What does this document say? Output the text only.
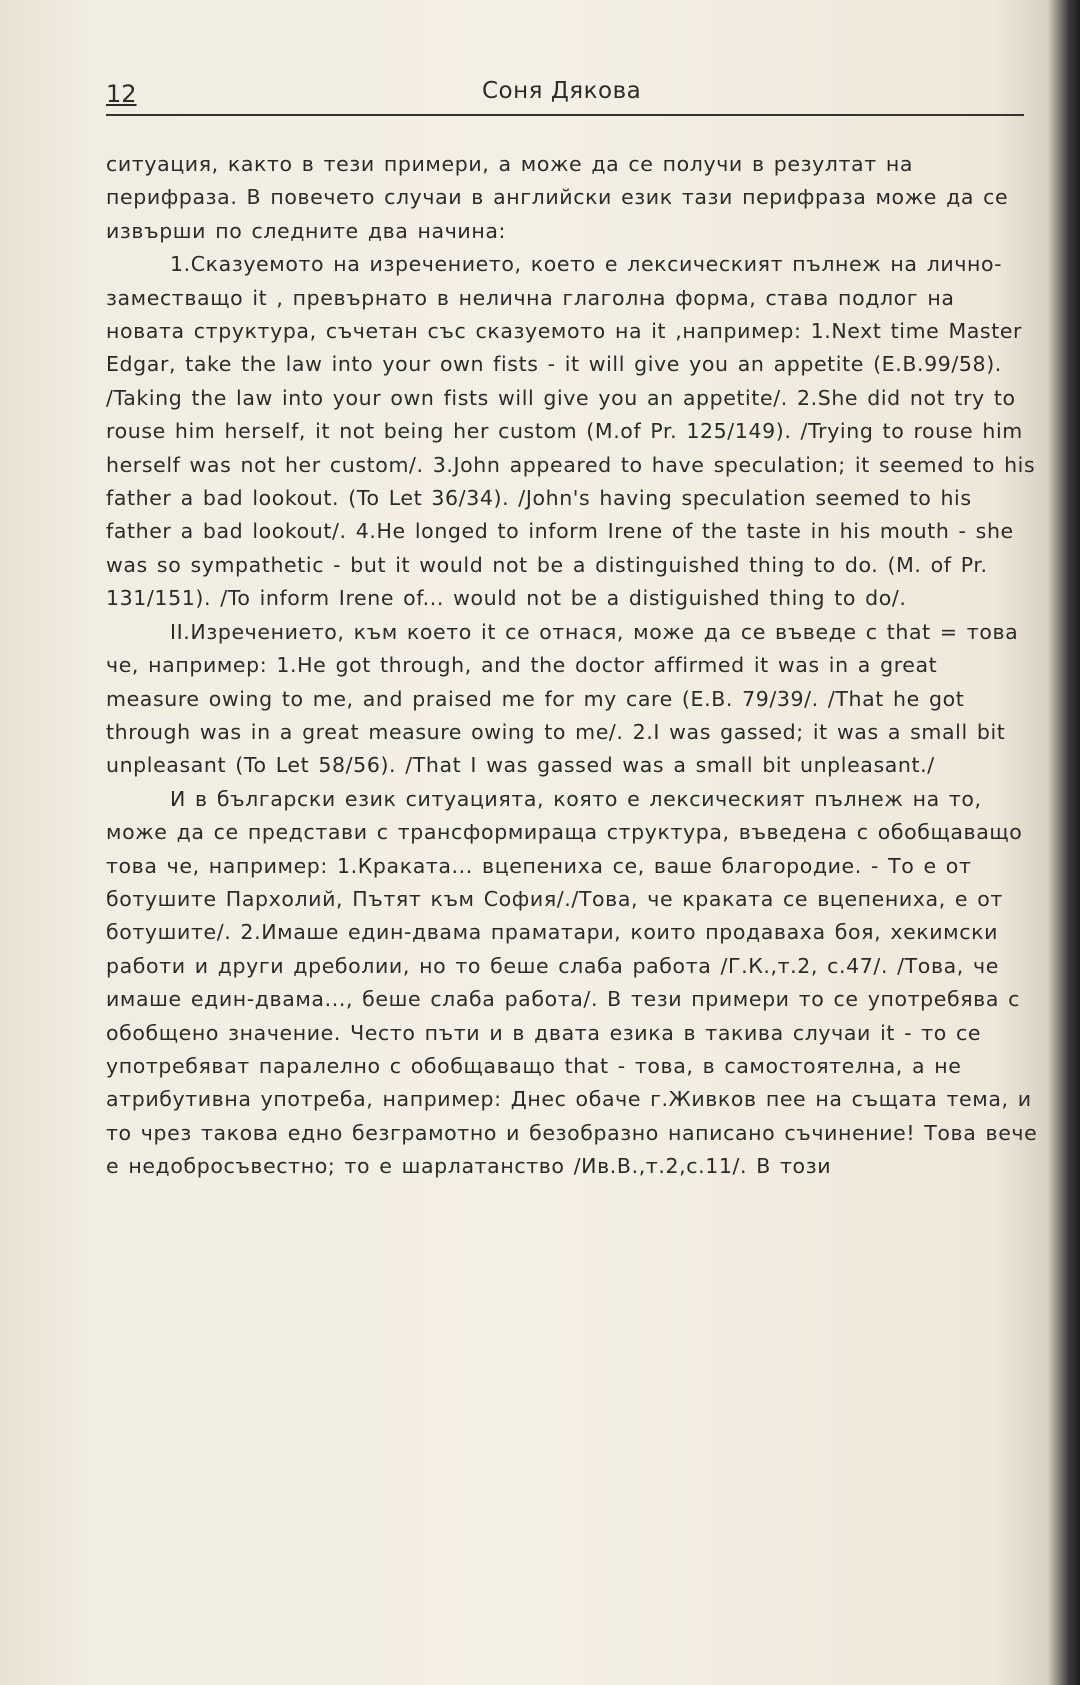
12	Соня Дякова

ситуация, както в тези примери, а може да се получи в резултат на перифраза. В повечето случаи в английски език тази перифраза може да се извърши по следните два начина:

1.Сказуемото на изречението, което е лексическият пълнеж на лично-заместващо it , превърнато в нелична глаголна форма, става подлог на новата структура, съчетан със сказуемото на it ,например: 1.Next time Master Edgar, take the law into your own fists - it will give you an appetite (E.B.99/58). /Taking the law into your own fists will give you an appetite/. 2.She did not try to rouse him herself, it not being her custom (M.of Pr. 125/149). /Trying to rouse him herself was not her custom/. 3.John appeared to have speculation; it seemed to his father a bad lookout. (To Let 36/34). /John's having speculation seemed to his father a bad lookout/. 4.He longed to inform Irene of the taste in his mouth - she was so sympathetic - but it would not be a distinguished thing to do. (M. of Pr. 131/151). /To inform Irene of... would not be a distiguished thing to do/.

II.Изречението, към което it се отнася, може да се въведе с that = това че, например: 1.He got through, and the doctor affirmed it was in a great measure owing to me, and praised me for my care (E.B. 79/39/. /That he got through was in a great measure owing to me/. 2.I was gassed; it was a small bit unpleasant (To Let 58/56). /That I was gassed was a small bit unpleasant./

И в български език ситуацията, която е лексическият пълнеж на то, може да се представи с трансформираща структура, въведена с обобщаващо това че, например: 1.Краката... вцепениха се, ваше благородие. - То е от ботушите Пархолий, Пътят към София/./Това, че краката се вцепениха, е от ботушите/. 2.Имаше един-двама праматари, които продаваха боя, хекимски работи и други дреболии, но то беше слаба работа /Г.К.,т.2, с.47/. /Това, че имаше един-двама..., беше слаба работа/. В тези примери то се употребява с обобщено значение. Често пъти и в двата езика в такива случаи it - то се употребяват паралелно с обобщаващо that - това, в самостоятелна, а не атрибутивна употреба, например: Днес обаче г.Живков пее на същата тема, и то чрез такова едно безграмотно и безобразно написано съчинение! Това вече е недобросъвестно; то е шарлатанство /Ив.В.,т.2,с.11/. В този
